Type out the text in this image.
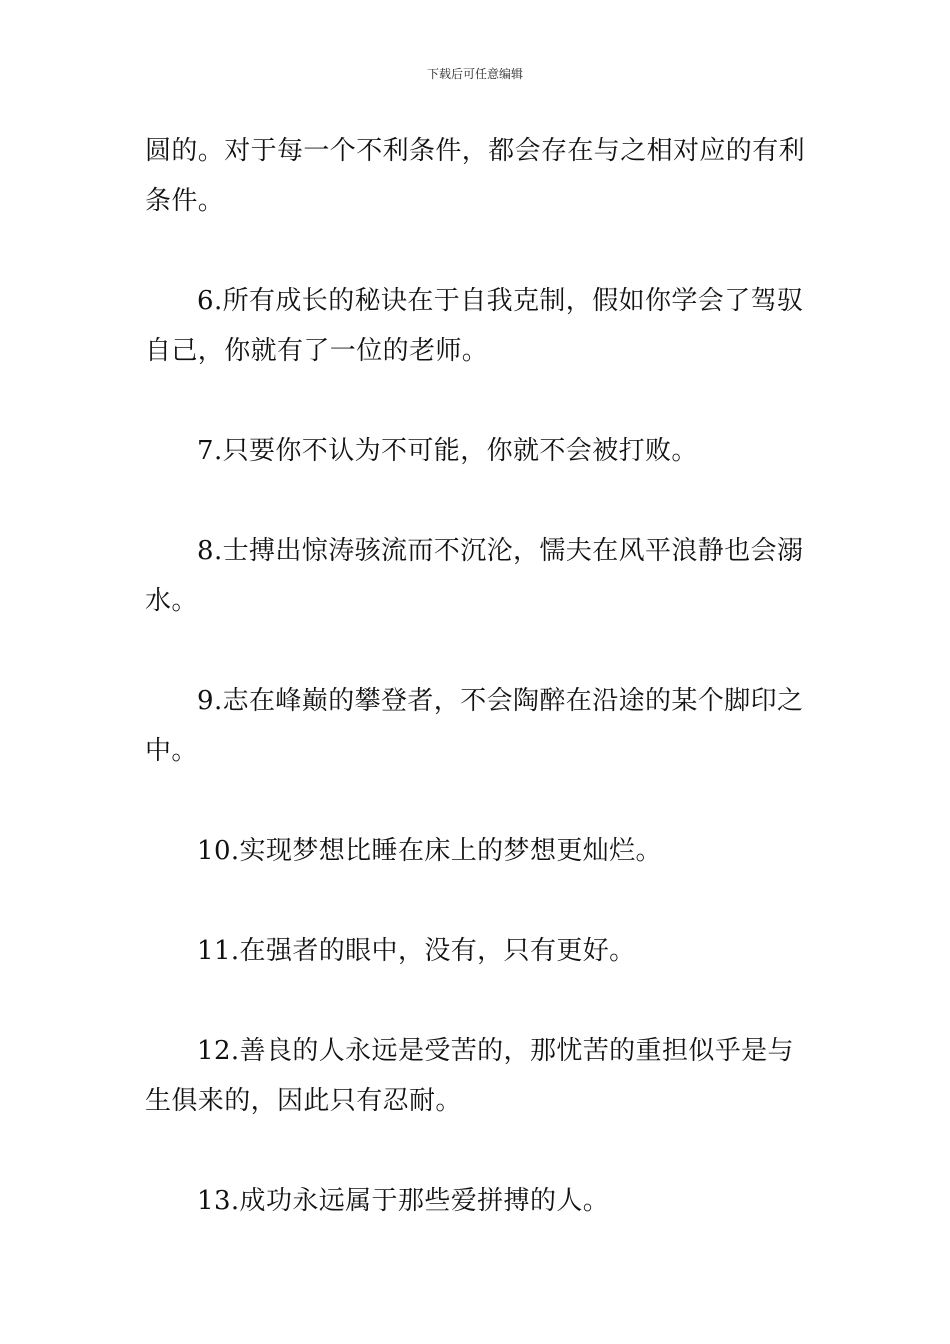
下载后可任意编辑

圆的。对于每一个不利条件，都会存在与之相对应的有利条件。

6.所有成长的秘诀在于自我克制，假如你学会了驾驭自己，你就有了一位的老师。

7.只要你不认为不可能，你就不会被打败。

8.士搏出惊涛骇流而不沉沦，懦夫在风平浪静也会溺水。

9.志在峰巅的攀登者，不会陶醉在沿途的某个脚印之中。

10.实现梦想比睡在床上的梦想更灿烂。

11.在强者的眼中，没有，只有更好。

12.善良的人永远是受苦的，那忧苦的重担似乎是与生俱来的，因此只有忍耐。

13.成功永远属于那些爱拼搏的人。
